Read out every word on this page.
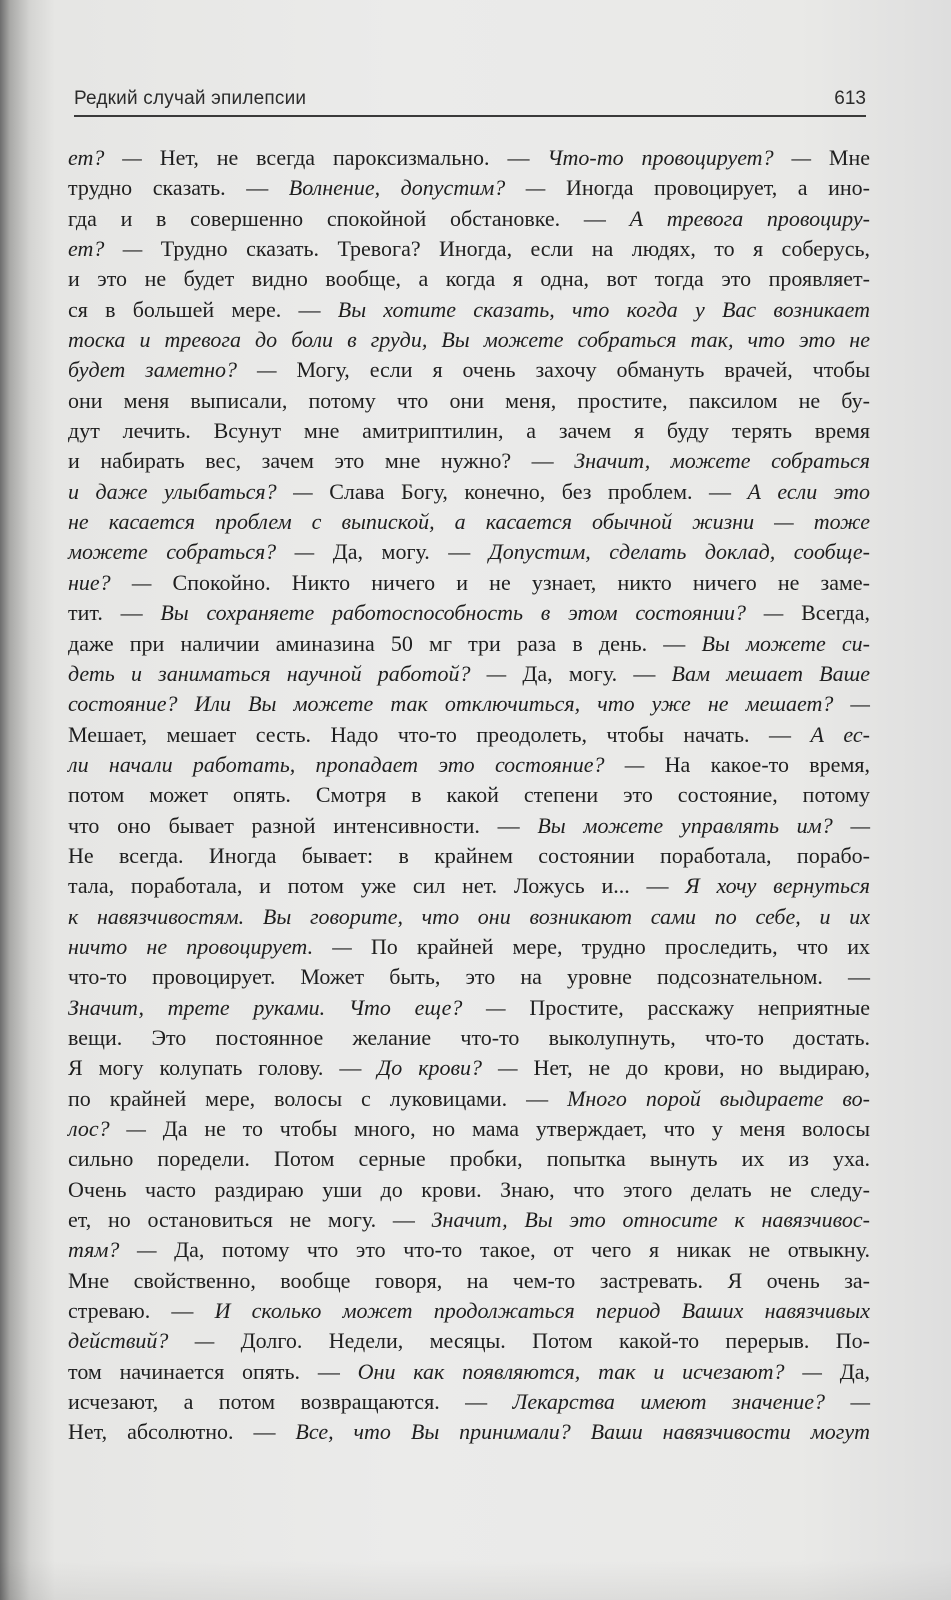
Редкий случай эпилепсии	613
ет? — Нет, не всегда пароксизмально. — Что-то провоцирует? — Мне
трудно сказать. — Волнение, допустим? — Иногда провоцирует, а ино-
гда и в совершенно спокойной обстановке. — А тревога провоциру-
ет? — Трудно сказать. Тревога? Иногда, если на людях, то я соберусь,
и это не будет видно вообще, а когда я одна, вот тогда это проявляет-
ся в большей мере. — Вы хотите сказать, что когда у Вас возникает
тоска и тревога до боли в груди, Вы можете собраться так, что это не
будет заметно? — Могу, если я очень захочу обмануть врачей, чтобы
они меня выписали, потому что они меня, простите, паксилом не бу-
дут лечить. Всунут мне амитриптилин, а зачем я буду терять время
и набирать вес, зачем это мне нужно? — Значит, можете собраться
и даже улыбаться? — Слава Богу, конечно, без проблем. — А если это
не касается проблем с выпиской, а касается обычной жизни — тоже
можете собраться? — Да, могу. — Допустим, сделать доклад, сообще-
ние? — Спокойно. Никто ничего и не узнает, никто ничего не заме-
тит. — Вы сохраняете работоспособность в этом состоянии? — Всегда,
даже при наличии аминазина 50 мг три раза в день. — Вы можете си-
деть и заниматься научной работой? — Да, могу. — Вам мешает Ваше
состояние? Или Вы можете так отключиться, что уже не мешает? —
Мешает, мешает сесть. Надо что-то преодолеть, чтобы начать. — А ес-
ли начали работать, пропадает это состояние? — На какое-то время,
потом может опять. Смотря в какой степени это состояние, потому
что оно бывает разной интенсивности. — Вы можете управлять им? —
Не всегда. Иногда бывает: в крайнем состоянии поработала, порабо-
тала, поработала, и потом уже сил нет. Ложусь и... — Я хочу вернуться
к навязчивостям. Вы говорите, что они возникают сами по себе, и их
ничто не провоцирует. — По крайней мере, трудно проследить, что их
что-то провоцирует. Может быть, это на уровне подсознательном. —
Значит, трете руками. Что еще? — Простите, расскажу неприятные
вещи. Это постоянное желание что-то выколупнуть, что-то достать.
Я могу колупать голову. — До крови? — Нет, не до крови, но выдираю,
по крайней мере, волосы с луковицами. — Много порой выдираете во-
лос? — Да не то чтобы много, но мама утверждает, что у меня волосы
сильно поредели. Потом серные пробки, попытка вынуть их из уха.
Очень часто раздираю уши до крови. Знаю, что этого делать не следу-
ет, но остановиться не могу. — Значит, Вы это относите к навязчивос-
тям? — Да, потому что это что-то такое, от чего я никак не отвыкну.
Мне свойственно, вообще говоря, на чем-то застревать. Я очень за-
стреваю. — И сколько может продолжаться период Ваших навязчивых
действий? — Долго. Недели, месяцы. Потом какой-то перерыв. По-
том начинается опять. — Они как появляются, так и исчезают? — Да,
исчезают, а потом возвращаются. — Лекарства имеют значение? —
Нет, абсолютно. — Все, что Вы принимали? Ваши навязчивости могут
